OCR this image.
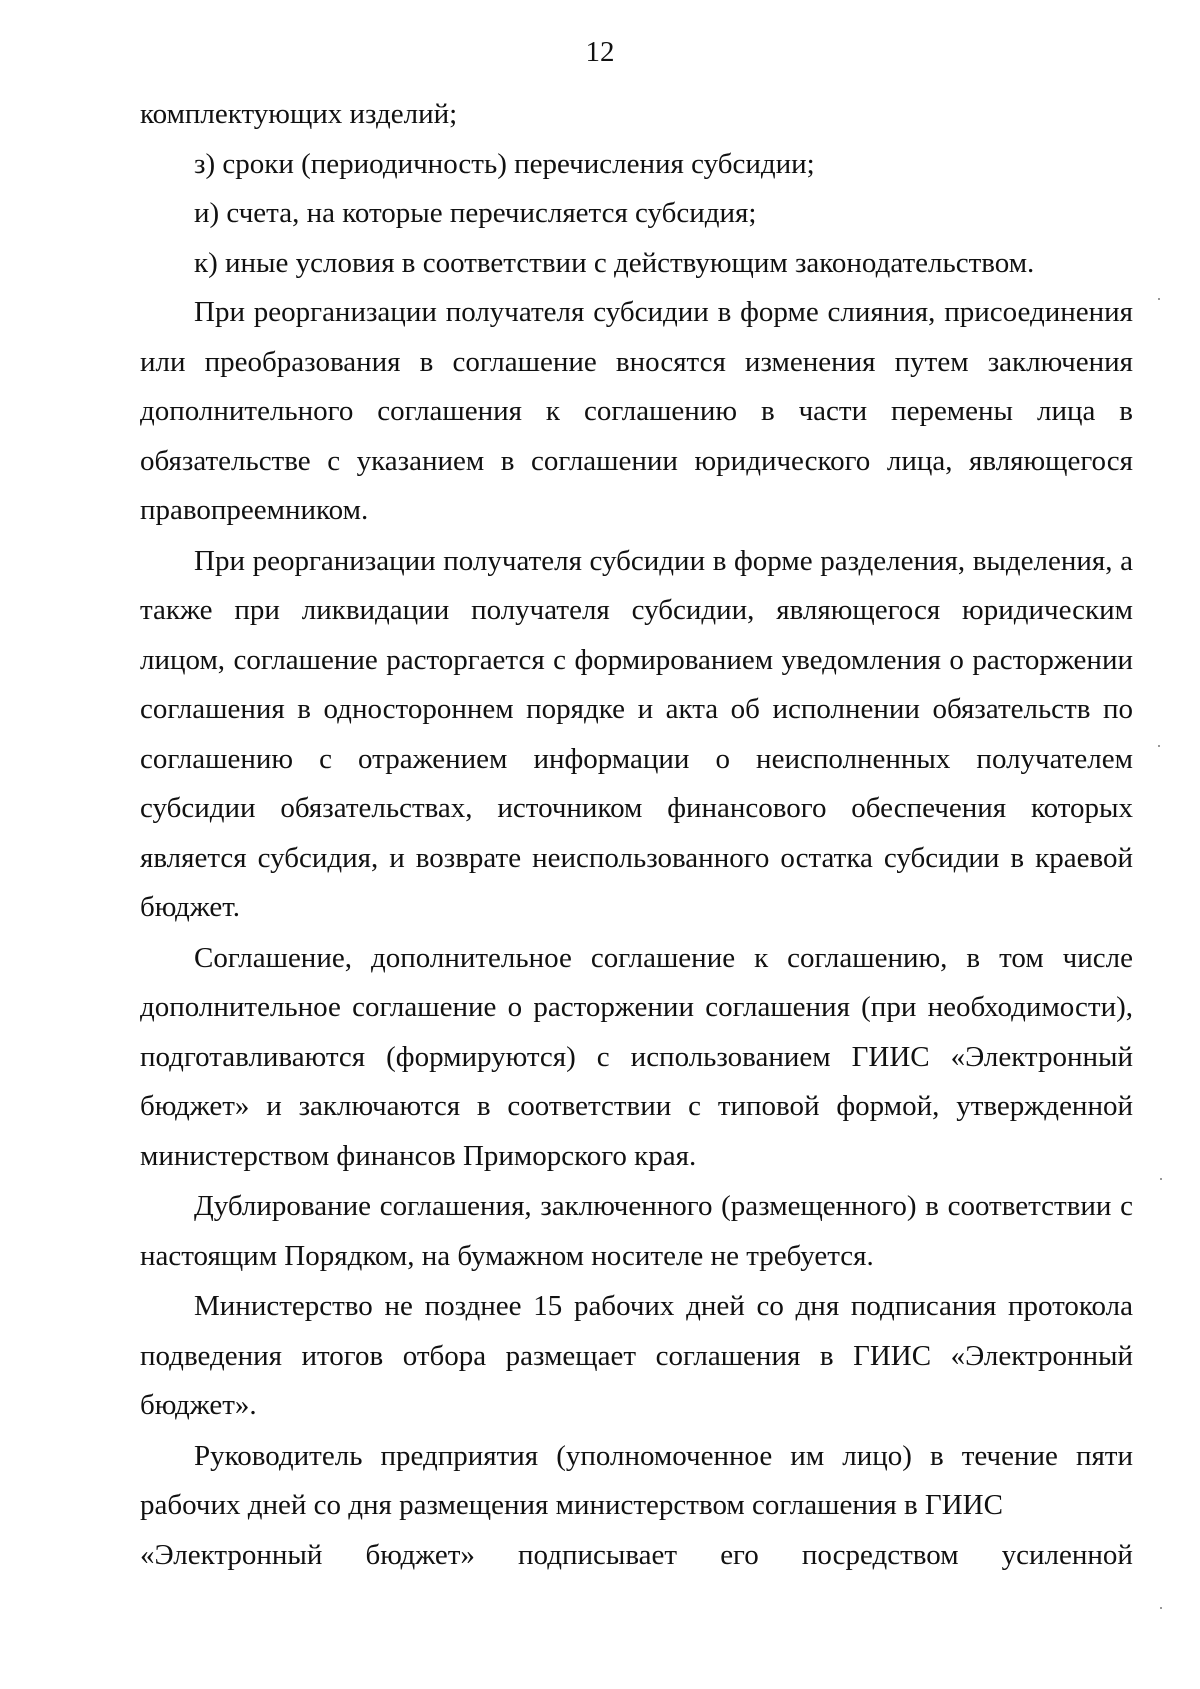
12

комплектующих изделий;

з) сроки (периодичность) перечисления субсидии;

и) счета, на которые перечисляется субсидия;

к) иные условия в соответствии с действующим законодательством.

При реорганизации получателя субсидии в форме слияния, присоединения или преобразования в соглашение вносятся изменения путем заключения дополнительного соглашения к соглашению в части перемены лица в обязательстве с указанием в соглашении юридического лица, являющегося правопреемником.

При реорганизации получателя субсидии в форме разделения, выделения, а также при ликвидации получателя субсидии, являющегося юридическим лицом, соглашение расторгается с формированием уведомления о расторжении соглашения в одностороннем порядке и акта об исполнении обязательств по соглашению с отражением информации о неисполненных получателем субсидии обязательствах, источником финансового обеспечения которых является субсидия, и возврате неиспользованного остатка субсидии в краевой бюджет.

Соглашение, дополнительное соглашение к соглашению, в том числе дополнительное соглашение о расторжении соглашения (при необходимости), подготавливаются (формируются) с использованием ГИИС «Электронный бюджет» и заключаются в соответствии с типовой формой, утвержденной министерством финансов Приморского края.

Дублирование соглашения, заключенного (размещенного) в соответствии с настоящим Порядком, на бумажном носителе не требуется.

Министерство не позднее 15 рабочих дней со дня подписания протокола подведения итогов отбора размещает соглашения в ГИИС «Электронный бюджет».

Руководитель предприятия (уполномоченное им лицо) в течение пяти рабочих дней со дня размещения министерством соглашения в ГИИС

«Электронный бюджет» подписывает его посредством усиленной
